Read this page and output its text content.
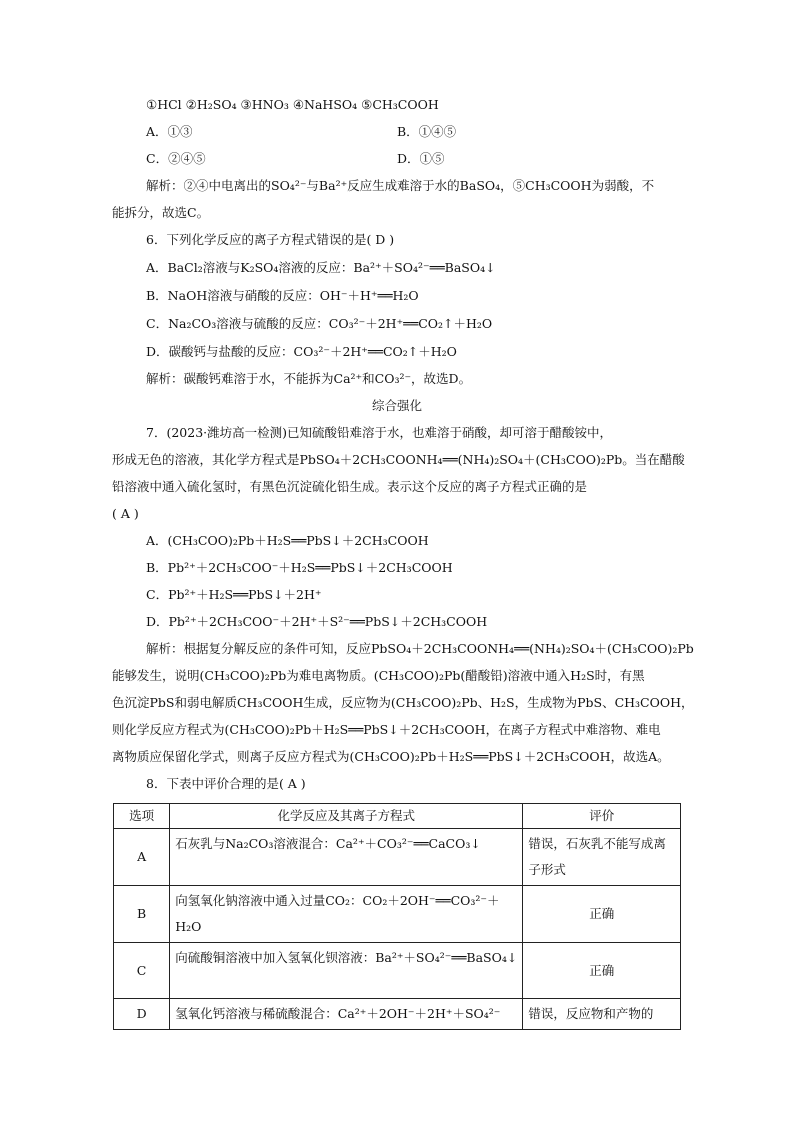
①HCl ②H₂SO₄ ③HNO₃ ④NaHSO₄ ⑤CH₃COOH
A．①③	B．①④⑤
C．②④⑤	D．①⑤
解析：②④中电离出的SO₄²⁻与Ba²⁺反应生成难溶于水的BaSO₄，⑤CH₃COOH为弱酸，不
能拆分，故选C。
6．下列化学反应的离子方程式错误的是( D )
A．BaCl₂溶液与K₂SO₄溶液的反应：Ba²⁺＋SO₄²⁻══BaSO₄↓
B．NaOH溶液与硝酸的反应：OH⁻＋H⁺══H₂O
C．Na₂CO₃溶液与硫酸的反应：CO₃²⁻＋2H⁺══CO₂↑＋H₂O
D．碳酸钙与盐酸的反应：CO₃²⁻＋2H⁺══CO₂↑＋H₂O
解析：碳酸钙难溶于水，不能拆为Ca²⁺和CO₃²⁻，故选D。
综合强化
7．(2023·潍坊高一检测)已知硫酸铅难溶于水，也难溶于硝酸，却可溶于醋酸铵中，
形成无色的溶液，其化学方程式是PbSO₄＋2CH₃COONH₄══(NH₄)₂SO₄＋(CH₃COO)₂Pb。当在醋酸
铅溶液中通入硫化氢时，有黑色沉淀硫化铅生成。表示这个反应的离子方程式正确的是
( A )
A．(CH₃COO)₂Pb＋H₂S══PbS↓＋2CH₃COOH
B．Pb²⁺＋2CH₃COO⁻＋H₂S══PbS↓＋2CH₃COOH
C．Pb²⁺＋H₂S══PbS↓＋2H⁺
D．Pb²⁺＋2CH₃COO⁻＋2H⁺＋S²⁻══PbS↓＋2CH₃COOH
解析：根据复分解反应的条件可知，反应PbSO₄＋2CH₃COONH₄══(NH₄)₂SO₄＋(CH₃COO)₂Pb
能够发生，说明(CH₃COO)₂Pb为难电离物质。(CH₃COO)₂Pb(醋酸铅)溶液中通入H₂S时，有黑
色沉淀PbS和弱电解质CH₃COOH生成，反应物为(CH₃COO)₂Pb、H₂S，生成物为PbS、CH₃COOH，
则化学反应方程式为(CH₃COO)₂Pb＋H₂S══PbS↓＋2CH₃COOH，在离子方程式中难溶物、难电
离物质应保留化学式，则离子反应方程式为(CH₃COO)₂Pb＋H₂S══PbS↓＋2CH₃COOH，故选A。
8．下表中评价合理的是( A )
选项	化学反应及其离子方程式	评价
A	石灰乳与Na₂CO₃溶液混合：Ca²⁺＋CO₃²⁻══CaCO₃↓	错误，石灰乳不能写成离子形式
B	向氢氧化钠溶液中通入过量CO₂：CO₂＋2OH⁻══CO₃²⁻＋H₂O	正确
C	向硫酸铜溶液中加入氢氧化钡溶液：Ba²⁺＋SO₄²⁻══BaSO₄↓	正确
D	氢氧化钙溶液与稀硫酸混合：Ca²⁺＋2OH⁻＋2H⁺＋SO₄²⁻	错误，反应物和产物的
